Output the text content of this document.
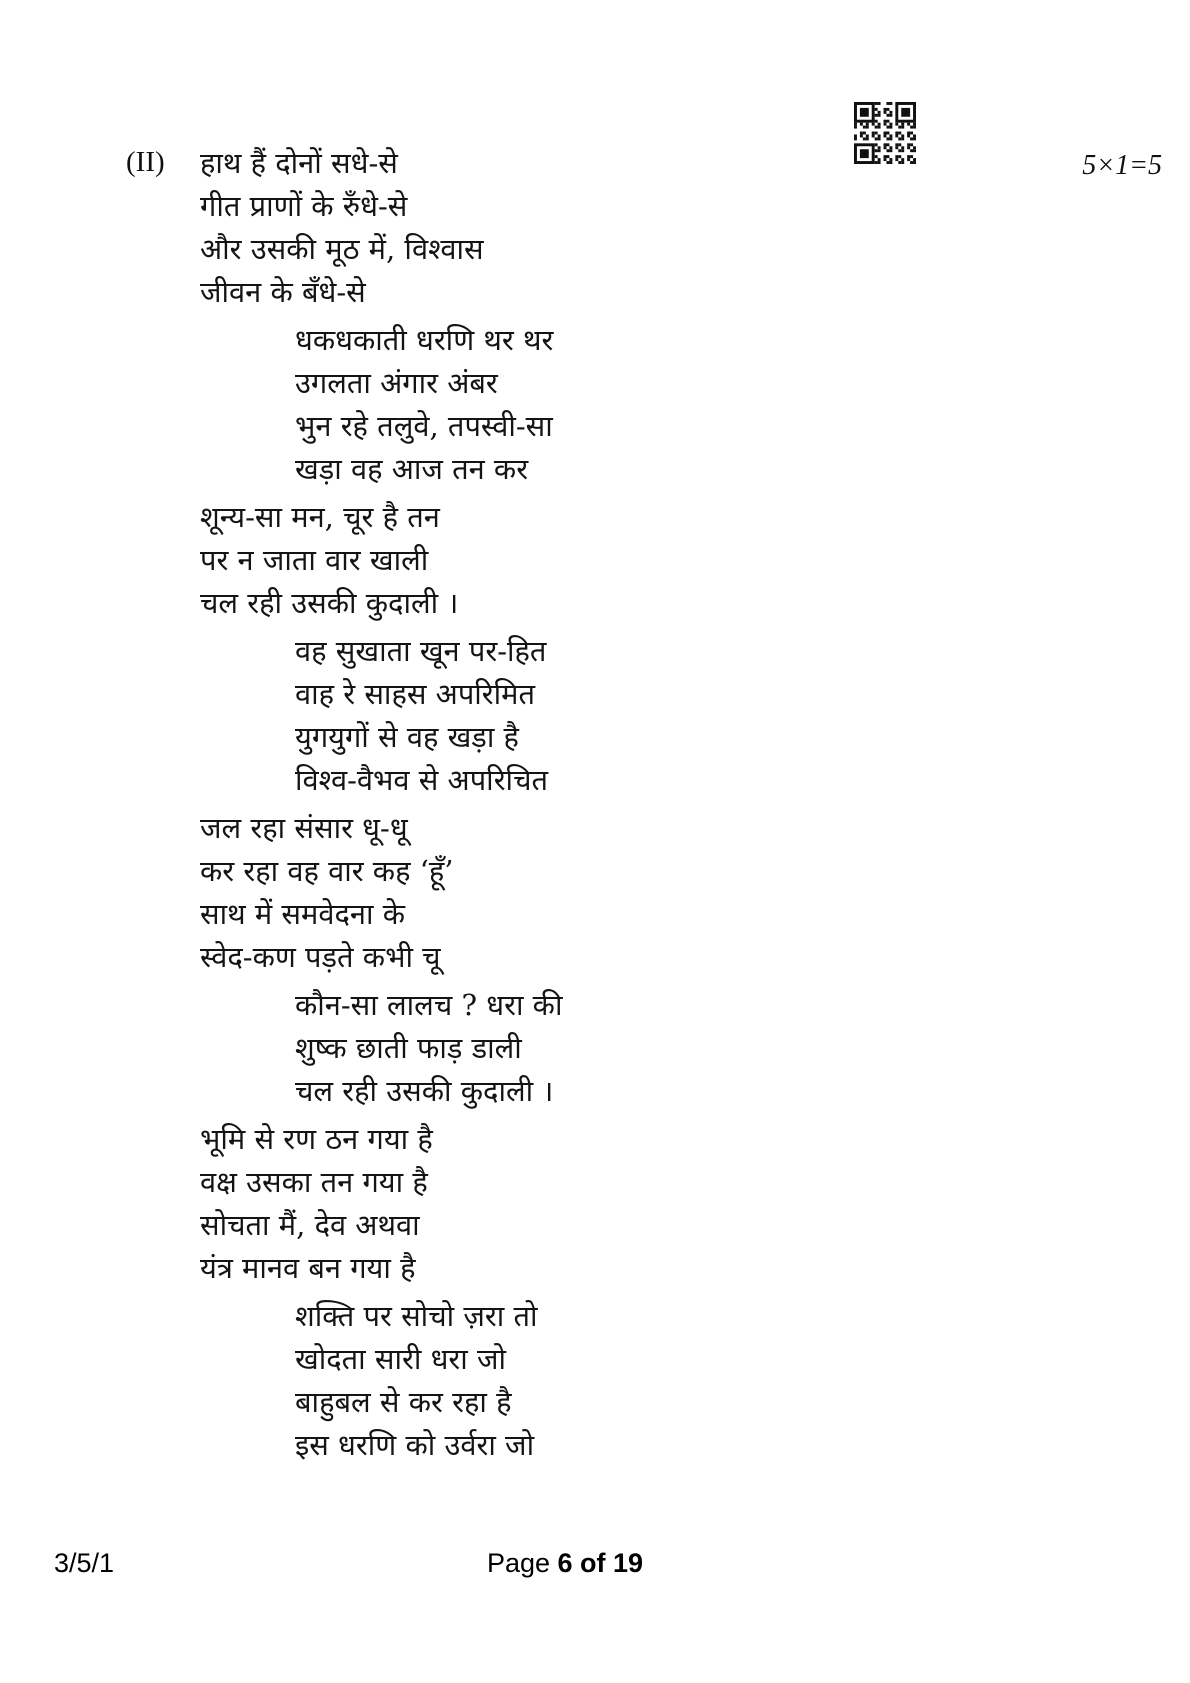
5×1=5
(II) हाथ हैं दोनों सधे-से
गीत प्राणों के रुँधे-से
और उसकी मूठ में, विश्वास
जीवन के बँधे-से
धकधकाती धरणि थर थर
उगलता अंगार अंबर
भुन रहे तलुवे, तपस्वी-सा
खड़ा वह आज तन कर
शून्य-सा मन, चूर है तन
पर न जाता वार खाली
चल रही उसकी कुदाली ।
वह सुखाता खून पर-हित
वाह रे साहस अपरिमित
युगयुगों से वह खड़ा है
विश्व-वैभव से अपरिचित
जल रहा संसार धू-धू
कर रहा वह वार कह ‘हूँ’
साथ में समवेदना के
स्वेद-कण पड़ते कभी चू
कौन-सा लालच ? धरा की
शुष्क छाती फाड़ डाली
चल रही उसकी कुदाली ।
भूमि से रण ठन गया है
वक्ष उसका तन गया है
सोचता मैं, देव अथवा
यंत्र मानव बन गया है
शक्ति पर सोचो ज़रा तो
खोदता सारी धरा जो
बाहुबल से कर रहा है
इस धरणि को उर्वरा जो
3/5/1	Page 6 of 19
